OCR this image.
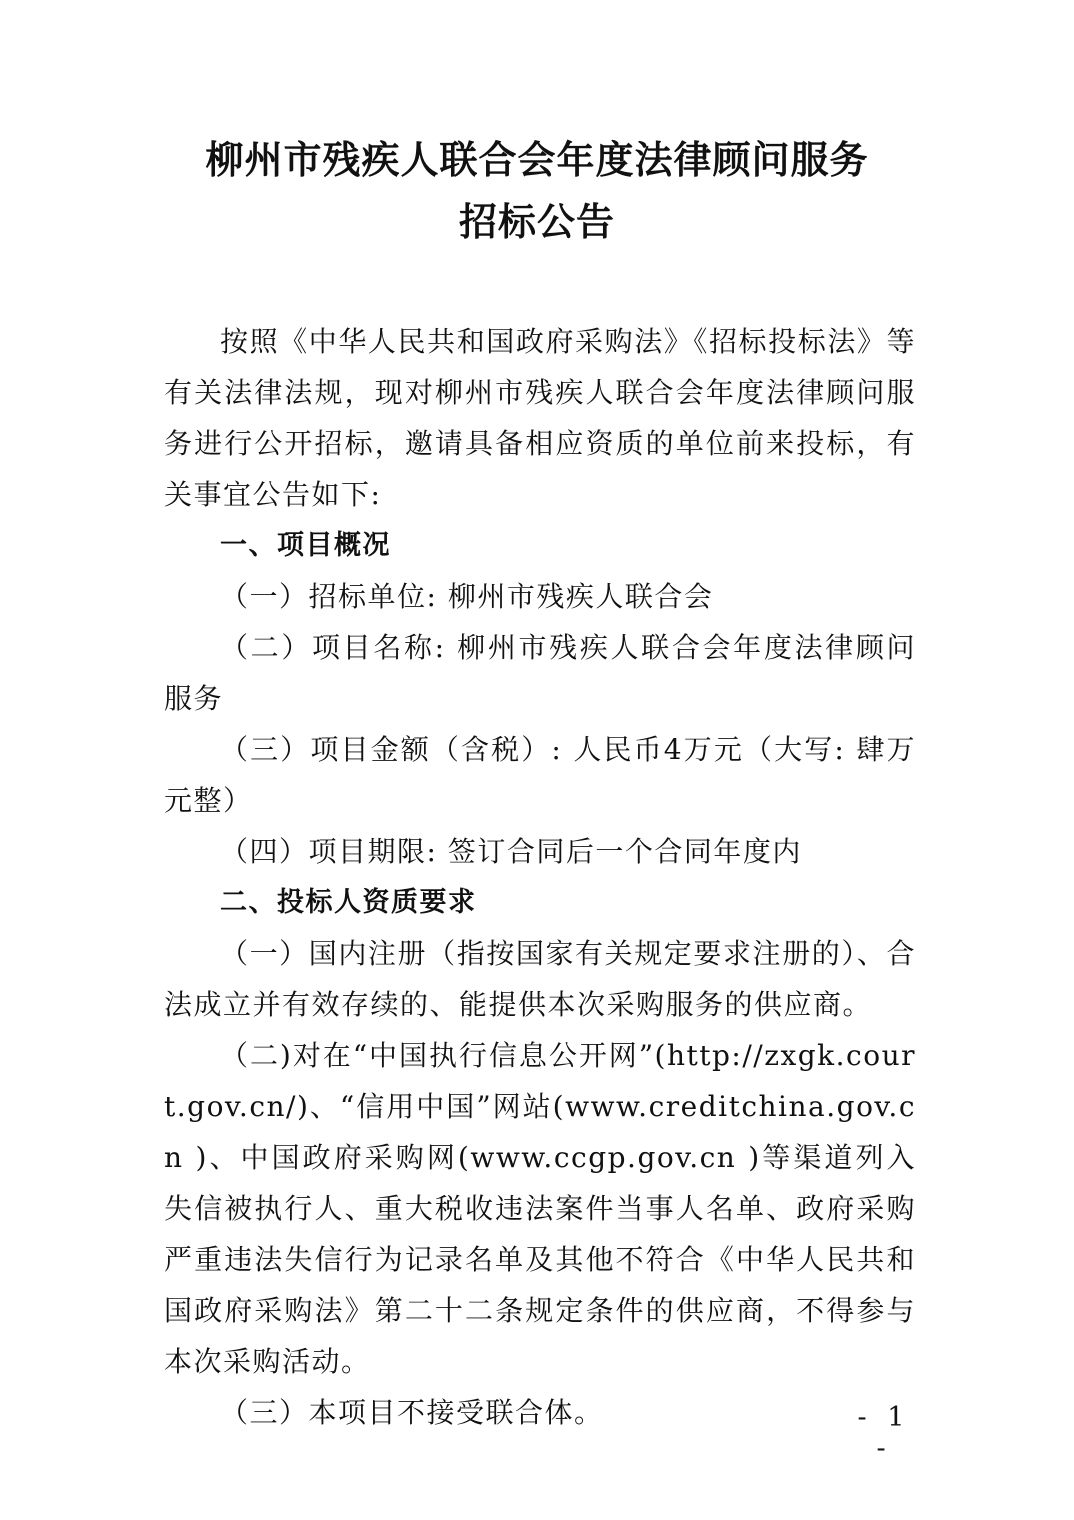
柳州市残疾人联合会年度法律顾问服务
招标公告

按照《中华人民共和国政府采购法》《招标投标法》等有关法律法规，现对柳州市残疾人联合会年度法律顾问服务进行公开招标，邀请具备相应资质的单位前来投标，有关事宜公告如下:

一、项目概况

（一）招标单位: 柳州市残疾人联合会

（二）项目名称: 柳州市残疾人联合会年度法律顾问服务

（三）项目金额（含税）: 人民币4万元（大写: 肆万元整）

（四）项目期限: 签订合同后一个合同年度内

二、投标人资质要求

（一）国内注册（指按国家有关规定要求注册的）、合法成立并有效存续的、能提供本次采购服务的供应商。

（二)对在“中国执行信息公开网”(http://zxgk.court.gov.cn/)、“信用中国”网站(www.creditchina.gov.cn )、中国政府采购网(www.ccgp.gov.cn )等渠道列入失信被执行人、重大税收违法案件当事人名单、政府采购严重违法失信行为记录名单及其他不符合《中华人民共和国政府采购法》第二十二条规定条件的供应商，不得参与本次采购活动。

（三）本项目不接受联合体。	- 1 -
